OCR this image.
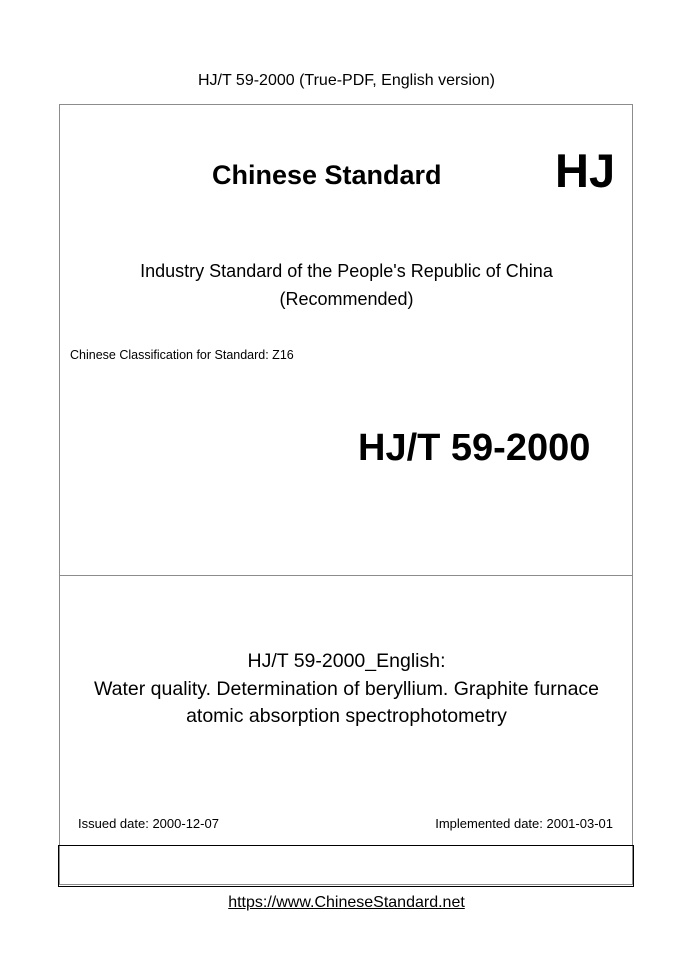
HJ/T 59-2000 (True-PDF, English version)
Chinese Standard HJ
Industry Standard of the People's Republic of China
(Recommended)
Chinese Classification for Standard: Z16
HJ/T 59-2000
HJ/T 59-2000_English:
Water quality. Determination of beryllium. Graphite furnace
atomic absorption spectrophotometry
Issued date: 2000-12-07	Implemented date: 2001-03-01
https://www.ChineseStandard.net
